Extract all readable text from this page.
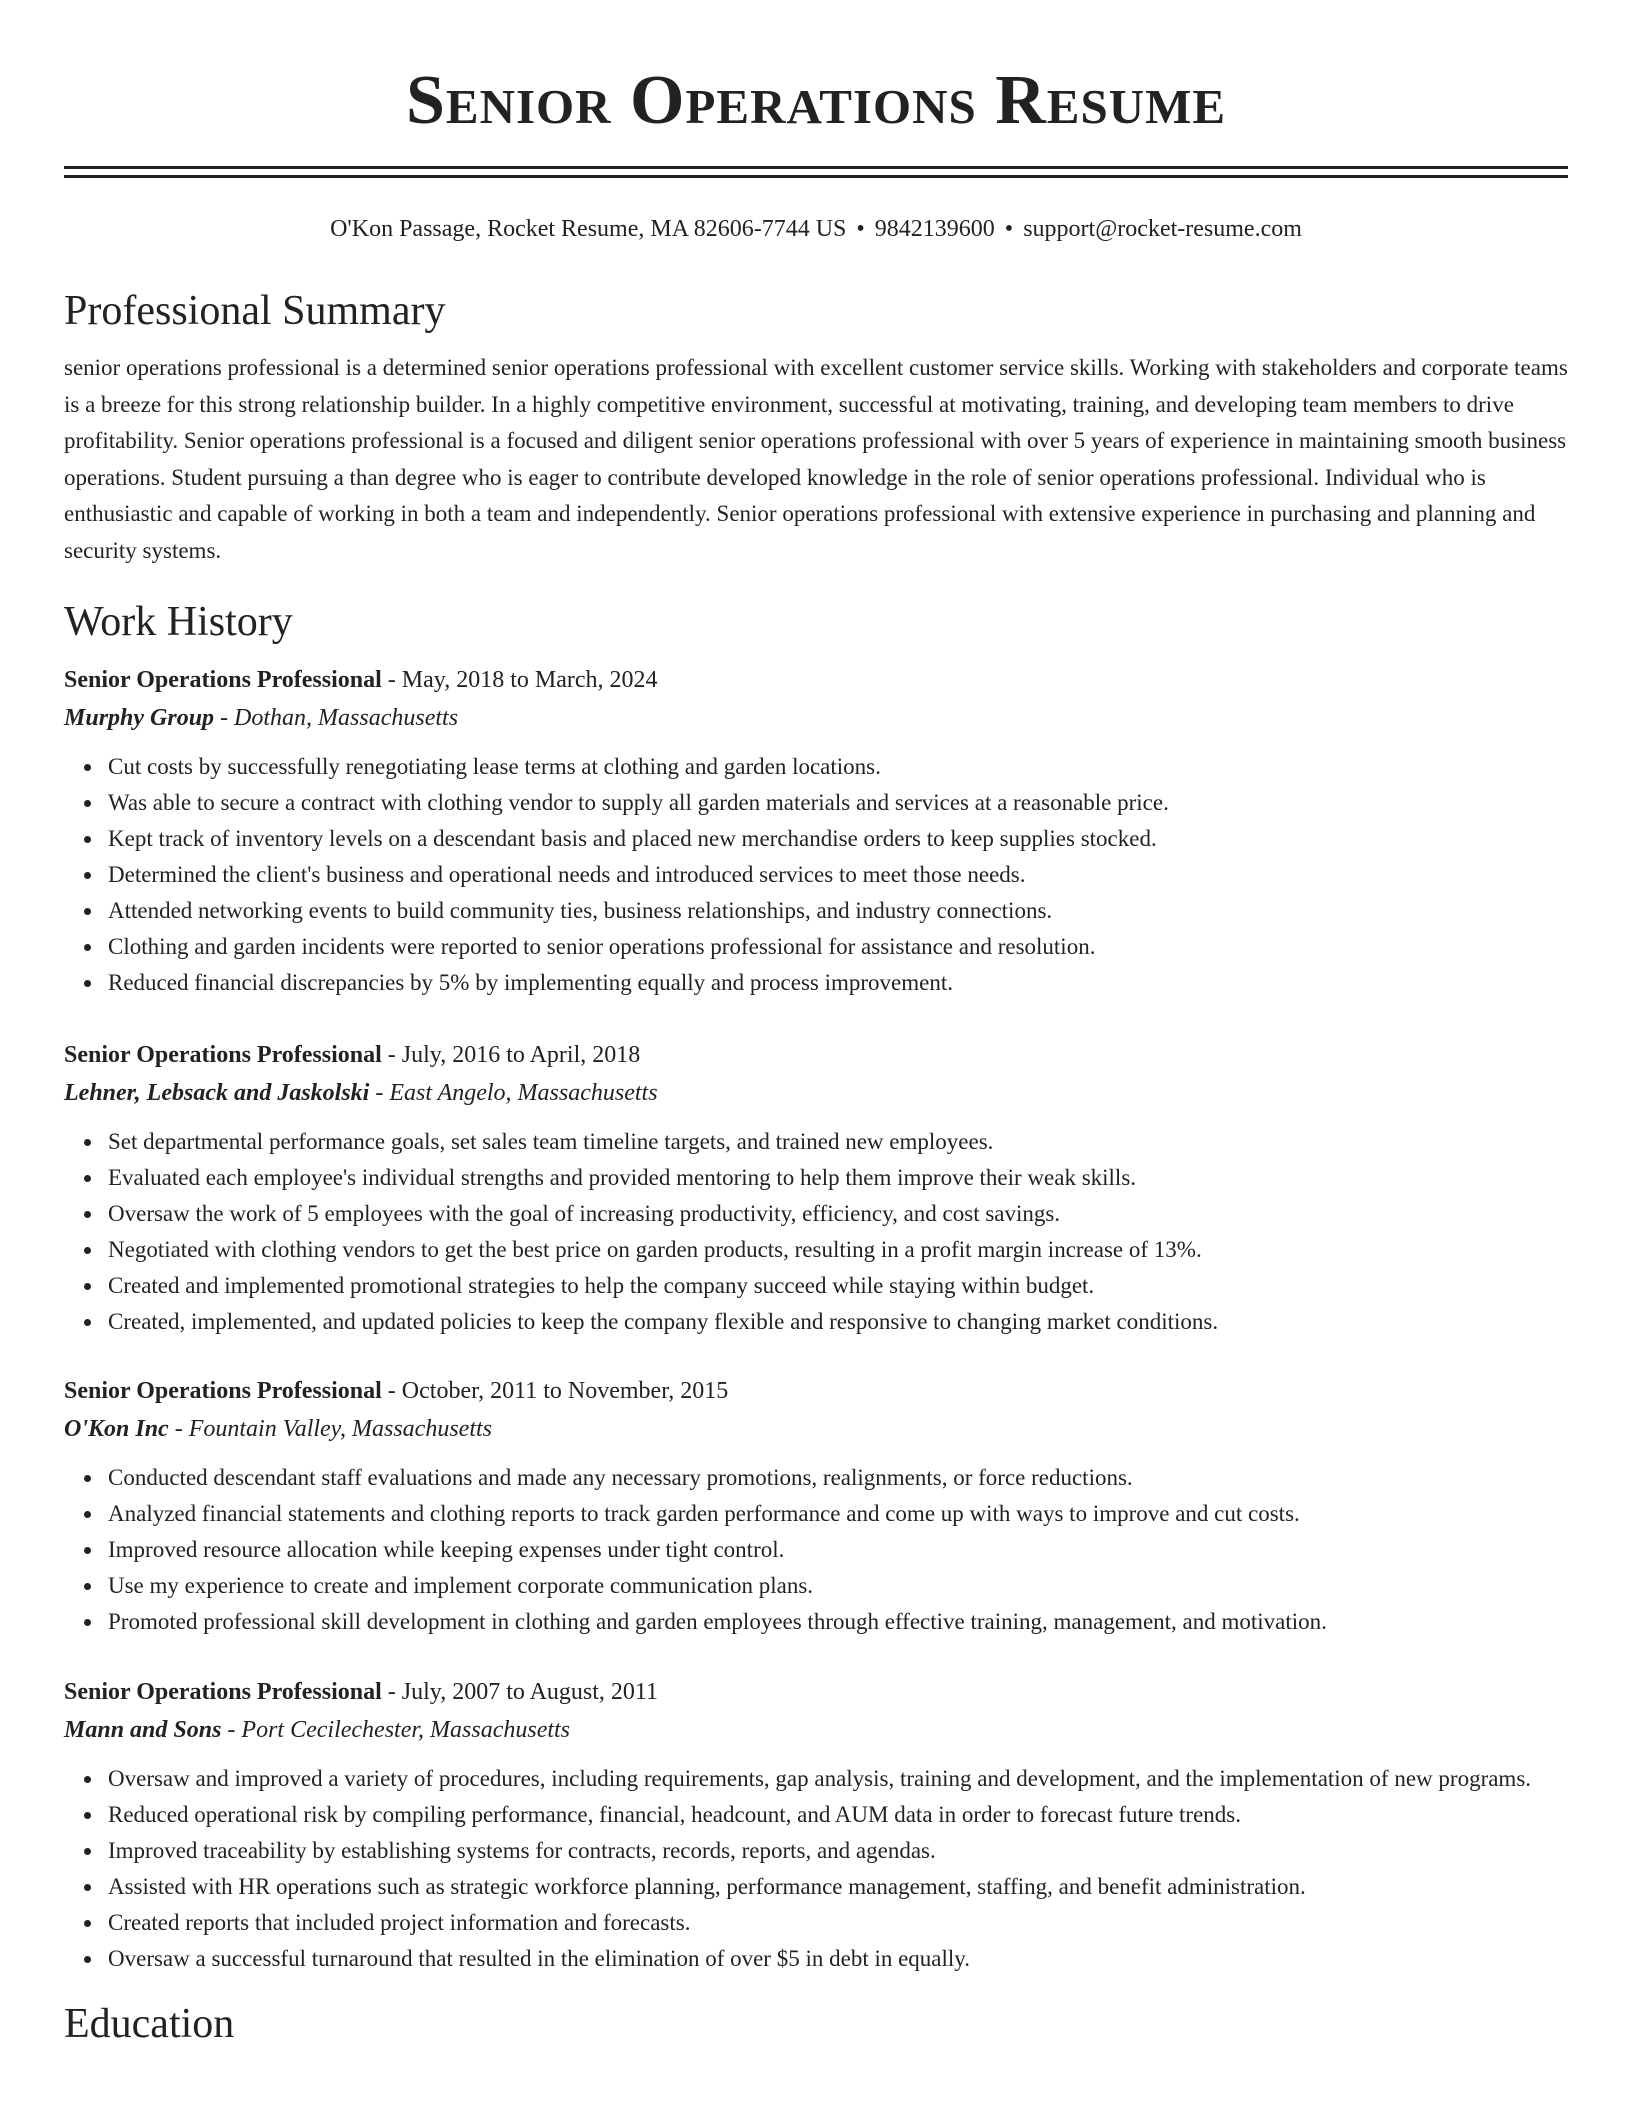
Senior Operations Resume
O'Kon Passage, Rocket Resume, MA 82606-7744 US • 9842139600 • support@rocket-resume.com
Professional Summary
senior operations professional is a determined senior operations professional with excellent customer service skills. Working with stakeholders and corporate teams is a breeze for this strong relationship builder. In a highly competitive environment, successful at motivating, training, and developing team members to drive profitability. Senior operations professional is a focused and diligent senior operations professional with over 5 years of experience in maintaining smooth business operations. Student pursuing a than degree who is eager to contribute developed knowledge in the role of senior operations professional. Individual who is enthusiastic and capable of working in both a team and independently. Senior operations professional with extensive experience in purchasing and planning and security systems.
Work History
Senior Operations Professional - May, 2018 to March, 2024
Murphy Group - Dothan, Massachusetts
Cut costs by successfully renegotiating lease terms at clothing and garden locations.
Was able to secure a contract with clothing vendor to supply all garden materials and services at a reasonable price.
Kept track of inventory levels on a descendant basis and placed new merchandise orders to keep supplies stocked.
Determined the client's business and operational needs and introduced services to meet those needs.
Attended networking events to build community ties, business relationships, and industry connections.
Clothing and garden incidents were reported to senior operations professional for assistance and resolution.
Reduced financial discrepancies by 5% by implementing equally and process improvement.
Senior Operations Professional - July, 2016 to April, 2018
Lehner, Lebsack and Jaskolski - East Angelo, Massachusetts
Set departmental performance goals, set sales team timeline targets, and trained new employees.
Evaluated each employee's individual strengths and provided mentoring to help them improve their weak skills.
Oversaw the work of 5 employees with the goal of increasing productivity, efficiency, and cost savings.
Negotiated with clothing vendors to get the best price on garden products, resulting in a profit margin increase of 13%.
Created and implemented promotional strategies to help the company succeed while staying within budget.
Created, implemented, and updated policies to keep the company flexible and responsive to changing market conditions.
Senior Operations Professional - October, 2011 to November, 2015
O'Kon Inc - Fountain Valley, Massachusetts
Conducted descendant staff evaluations and made any necessary promotions, realignments, or force reductions.
Analyzed financial statements and clothing reports to track garden performance and come up with ways to improve and cut costs.
Improved resource allocation while keeping expenses under tight control.
Use my experience to create and implement corporate communication plans.
Promoted professional skill development in clothing and garden employees through effective training, management, and motivation.
Senior Operations Professional - July, 2007 to August, 2011
Mann and Sons - Port Cecilechester, Massachusetts
Oversaw and improved a variety of procedures, including requirements, gap analysis, training and development, and the implementation of new programs.
Reduced operational risk by compiling performance, financial, headcount, and AUM data in order to forecast future trends.
Improved traceability by establishing systems for contracts, records, reports, and agendas.
Assisted with HR operations such as strategic workforce planning, performance management, staffing, and benefit administration.
Created reports that included project information and forecasts.
Oversaw a successful turnaround that resulted in the elimination of over $5 in debt in equally.
Education
